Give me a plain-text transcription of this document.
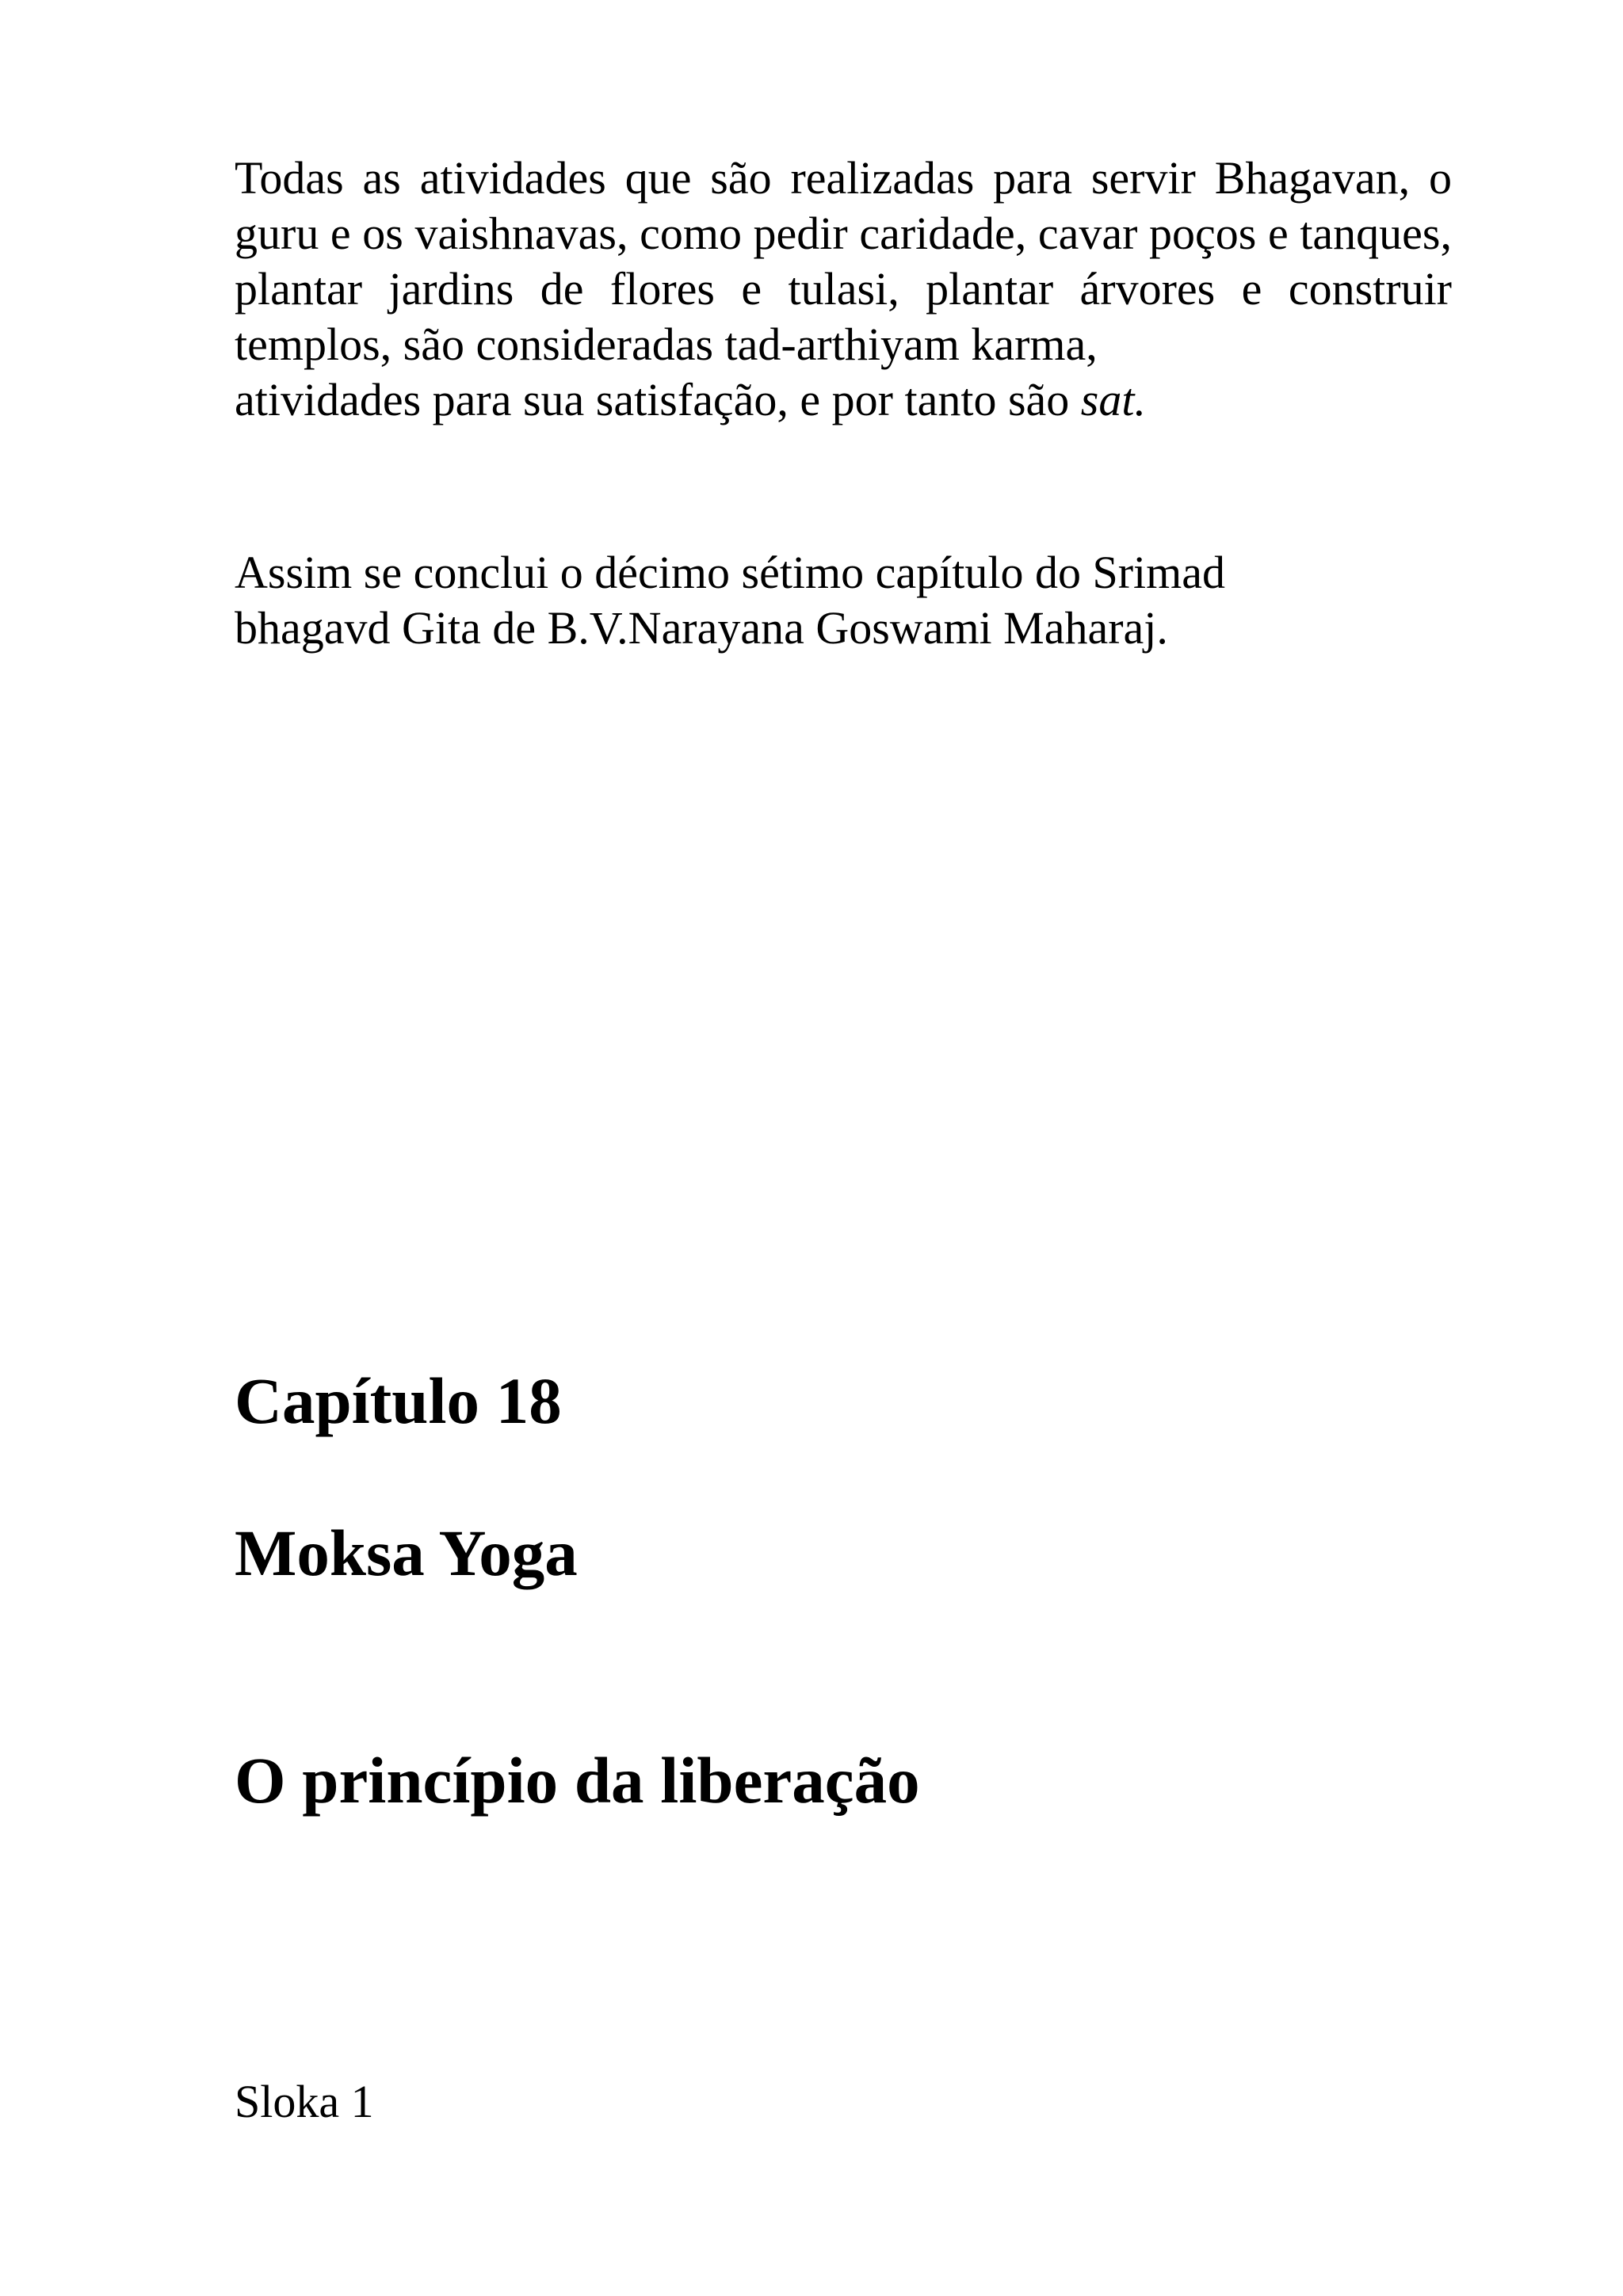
Todas as atividades que são realizadas para servir Bhagavan, o guru e os vaishnavas, como pedir caridade, cavar poços e tanques, plantar jardins de flores e tulasi, plantar árvores e construir templos, são consideradas tad-arthiyam karma,
atividades para sua satisfação, e por tanto são sat.

Assim se conclui o décimo sétimo capítulo do Srimad
bhagavd Gita de B.V.Narayana Goswami Maharaj.

Capítulo 18
Moksa Yoga
O princípio da liberação
Sloka 1
